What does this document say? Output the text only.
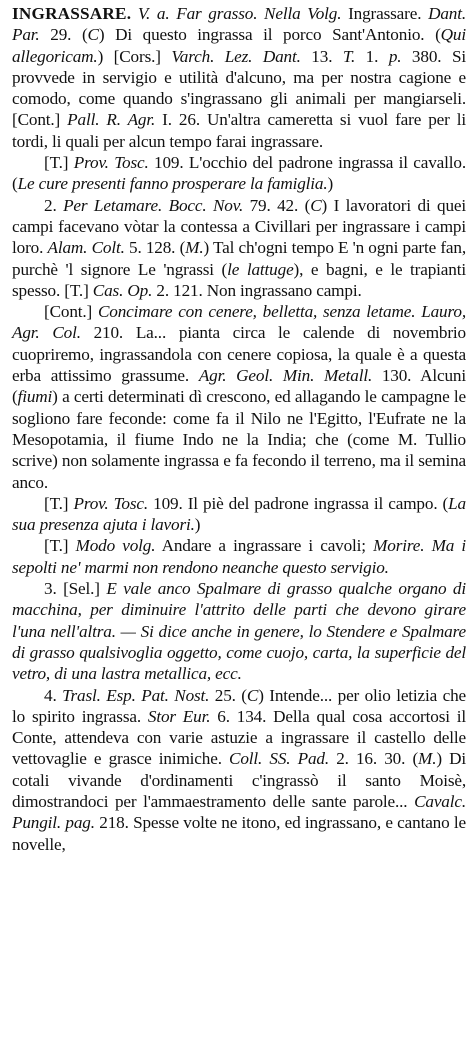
INGRASSARE. V. a. Far grasso. Nella Volg. Ingrassare. Dant. Par. 29. (C) Di questo ingrassa il porco Sant'Antonio. (Qui allegoricam.) [Cors.] Varch. Lez. Dant. 13. T. 1. p. 380. Si provvede in servigio e utilità d'alcuno, ma per nostra cagione e comodo, come quando s'ingrassano gli animali per mangiarseli. [Cont.] Pall. R. Agr. I. 26. Un'altra cameretta si vuol fare per li tordi, li quali per alcun tempo farai ingrassare.

[T.] Prov. Tosc. 109. L'occhio del padrone ingrassa il cavallo. (Le cure presenti fanno prosperare la famiglia.)

2. Per Letamare. Bocc. Nov. 79. 42. (C) I lavoratori di quei campi facevano vòtar la contessa a Civillari per ingrassare i campi loro. Alam. Colt. 5. 128. (M.) Tal ch'ogni tempo E 'n ogni parte fan, purchè 'l signore Le 'ngrassi (le lattuge), e bagni, e le trapianti spesso. [T.] Cas. Op. 2. 121. Non ingrassano campi.

[Cont.] Concimare con cenere, belletta, senza letame. Lauro, Agr. Col. 210. La... pianta circa le calende di novembrio cuopriremo, ingrassandola con cenere copiosa, la quale è a questa erba attissimo grassume. Agr. Geol. Min. Metall. 130. Alcuni (fiumi) a certi determinati dì crescono, ed allagando le campagne le sogliono fare feconde: come fa il Nilo ne l'Egitto, l'Eufrate ne la Mesopotamia, il fiume Indo ne la India; che (come M. Tullio scrive) non solamente ingrassa e fa fecondo il terreno, ma il semina anco.

[T.] Prov. Tosc. 109. Il piè del padrone ingrassa il campo. (La sua presenza ajuta i lavori.)

[T.] Modo volg. Andare a ingrassare i cavoli; Morire. Ma i sepolti ne' marmi non rendono neanche questo servigio.

3. [Sel.] E vale anco Spalmare di grasso qualche organo di macchina, per diminuire l'attrito delle parti che devono girare l'una nell'altra. — Si dice anche in genere, lo Stendere e Spalmare di grasso qualsivoglia oggetto, come cuojo, carta, la superficie del vetro, di una lastra metallica, ecc.

4. Trasl. Esp. Pat. Nost. 25. (C) Intende... per olio letizia che lo spirito ingrassa. Stor Eur. 6. 134. Della qual cosa accortosi il Conte, attendeva con varie astuzie a ingrassare il castello delle vettovaglie e grasce inimiche. Coll. SS. Pad. 2. 16. 30. (M.) Di cotali vivande d'ordinamenti c'ingrassò il santo Moisè, dimostrandoci per l'ammaestramento delle sante parole... Cavalc. Pungil. pag. 218. Spesse volte ne itono, ed ingrassano, e cantano le novelle,
